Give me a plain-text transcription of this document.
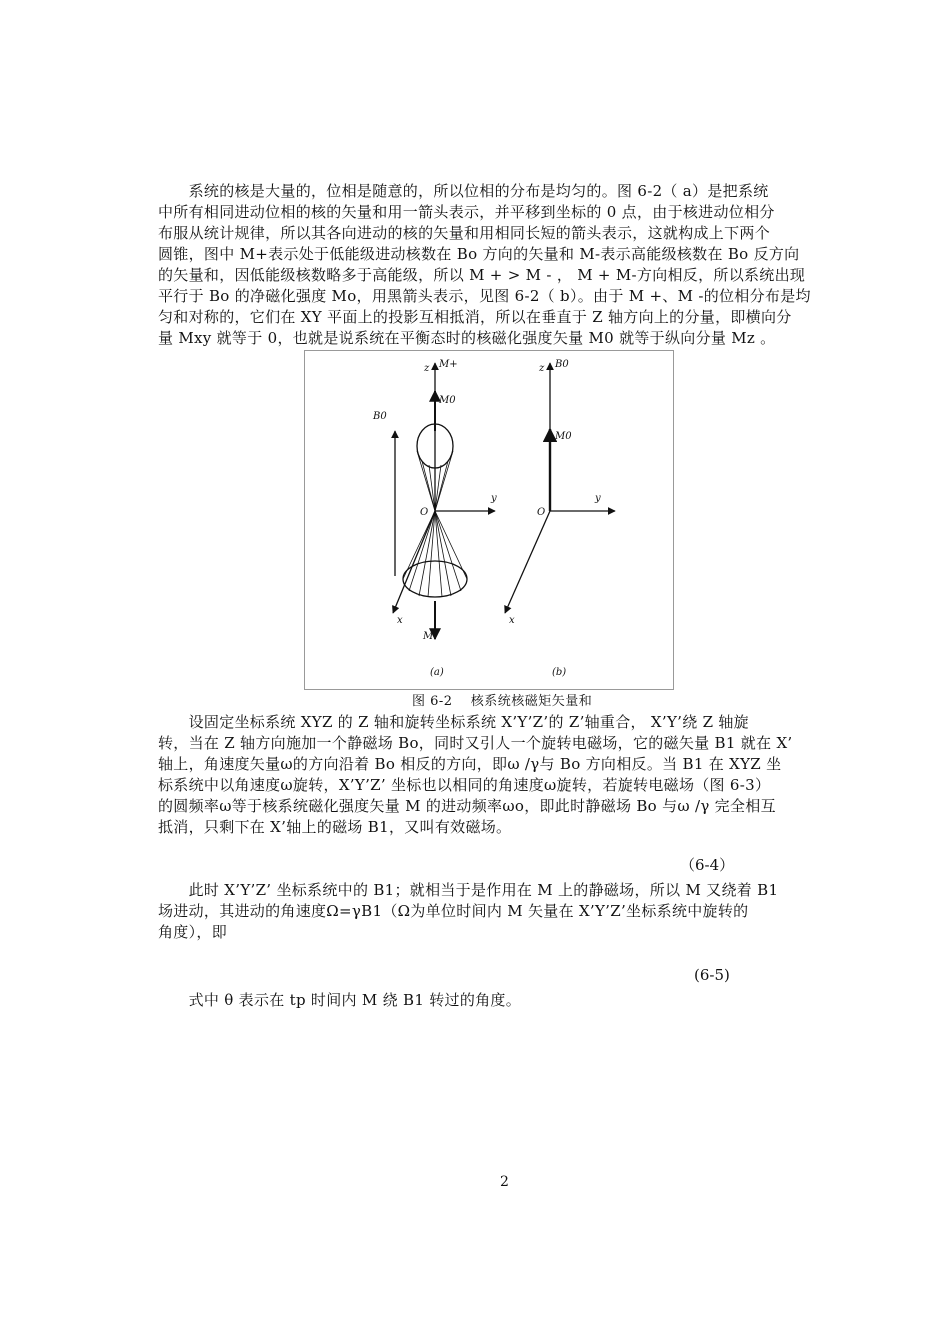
　　系统的核是大量的，位相是随意的，所以位相的分布是均匀的。图 6-2（ a）是把系统
中所有相同进动位相的核的矢量和用一箭头表示，并平移到坐标的 0 点，由于核进动位相分
布服从统计规律，所以其各向进动的核的矢量和用相同长短的箭头表示，这就构成上下两个
圆锥，图中 M+表示处于低能级进动核数在 Bo 方向的矢量和 M-表示高能级核数在 Bo 反方向
的矢量和，因低能级核数略多于高能级，所以 M + > M - ， M + M-方向相反，所以系统出现
平行于 Bo 的净磁化强度 Mo，用黑箭头表示，见图 6-2（ b）。由于 M +、M -的位相分布是均
匀和对称的，它们在 XY 平面上的投影互相抵消，所以在垂直于 Z 轴方向上的分量，即横向分
量 Mxy 就等于 0，也就是说系统在平衡态时的核磁化强度矢量 M0 就等于纵向分量 Mz 。
z M+
M0
B0
y
O
x
M-
(a)
z B0
M0
y
O
x
(b)
图 6-2　 核系统核磁矩矢量和
　　设固定坐标系统 XYZ 的 Z 轴和旋转坐标系统 X’Y’Z’的 Z’轴重合， X’Y’绕 Z 轴旋
转，当在 Z 轴方向施加一个静磁场 Bo，同时又引人一个旋转电磁场，它的磁矢量 B1 就在 X’
轴上，角速度矢量ω的方向沿着 Bo 相反的方向，即ω /γ与 Bo 方向相反。当 B1 在 XYZ 坐
标系统中以角速度ω旋转，X’Y’Z’ 坐标也以相同的角速度ω旋转，若旋转电磁场（图 6-3）
的圆频率ω等于核系统磁化强度矢量 M 的进动频率ωo，即此时静磁场 Bo 与ω /γ 完全相互
抵消，只剩下在 X’轴上的磁场 B1，又叫有效磁场。
（6-4）
　　此时 X’Y’Z’ 坐标系统中的 B1；就相当于是作用在 M 上的静磁场，所以 M 又绕着 B1
场进动，其进动的角速度Ω=γB1（Ω为单位时间内 M 矢量在 X’Y’Z’坐标系统中旋转的
角度），即
(6-5)
　　式中 θ 表示在 tp 时间内 M 绕 B1 转过的角度。
2
